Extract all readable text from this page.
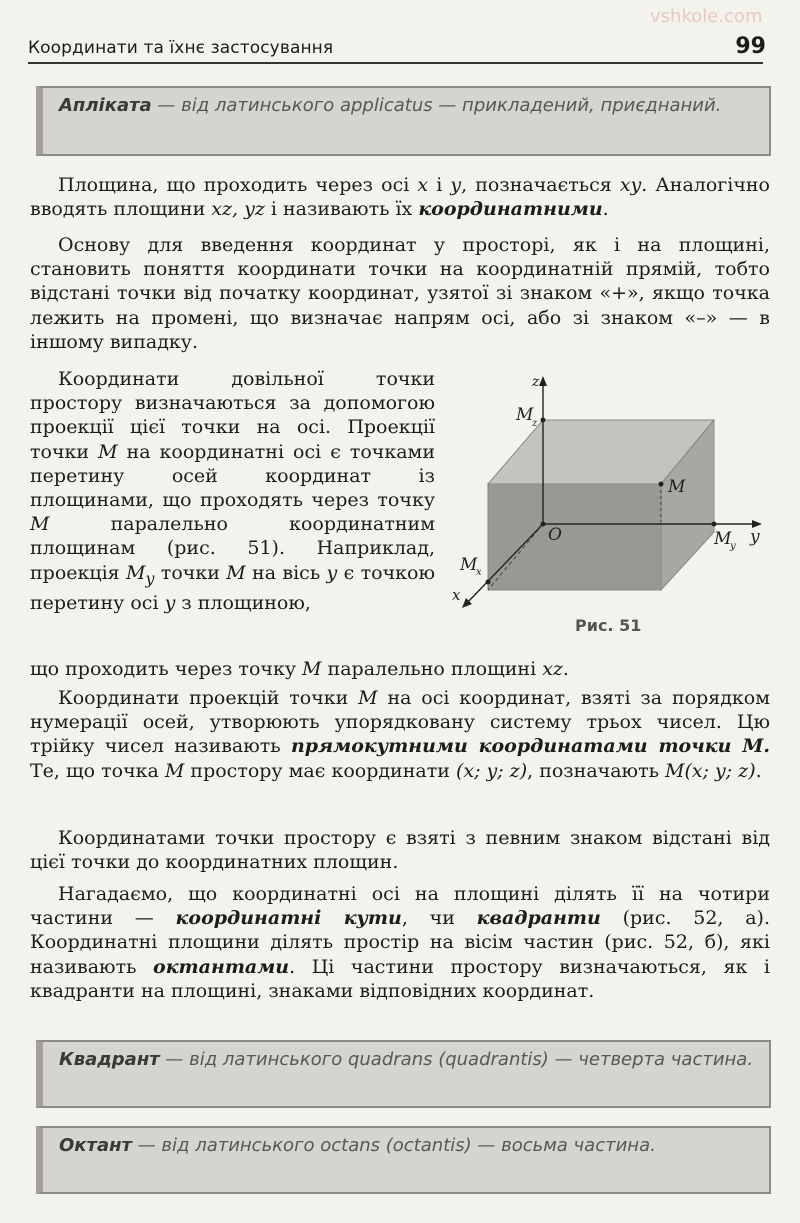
vshkole.com
Координати та їхнє застосування	99
Апліката — від латинського applicatus — прикладений, приєднаний.

Площина, що проходить через осі x і y, позначається xy. Аналогічно вводять площини xz, yz і називають їх координатними.

Основу для введення координат у просторі, як і на площині, становить поняття координати точки на координатній прямій, тобто відстані точки від початку координат, узятої зі знаком «+», якщо точка лежить на промені, що визначає напрям осі, або зі знаком «–» — в іншому випадку.

Координати довільної точки простору визначаються за допомогою проекції цієї точки на осі. Проекції точки M на координатні осі є точками перетину осей координат із площинами, що проходять через точку M паралельно координатним площинам (рис. 51). Наприклад, проекція $M_y$ точки M на вісь y є точкою перетину осі y з площиною,

що проходить через точку M паралельно площині xz.

Координати проекцій точки M на осі координат, взяті за порядком нумерації осей, утворюють упорядковану систему трьох чисел. Цю трійку чисел називають прямокутними координатами точки M. Те, що точка M простору має координати (x; y; z), позначають M(x; y; z).

Координатами точки простору є взяті з певним знаком відстані від цієї точки до координатних площин.

Нагадаємо, що координатні осі на площині ділять її на чотири частини — координатні кути, чи квадранти (рис. 52, а). Координатні площини ділять простір на вісім частин (рис. 52, б), які називають октантами. Ці частини простору визначаються, як і квадранти на площині, знаками відповідних координат.

Квадрант — від латинського quadrans (quadrantis) — четверта частина.
Октант — від латинського octans (octantis) — восьма частина.
z
M
z
M
O	M
y y
M
x
x
Рис. 51
